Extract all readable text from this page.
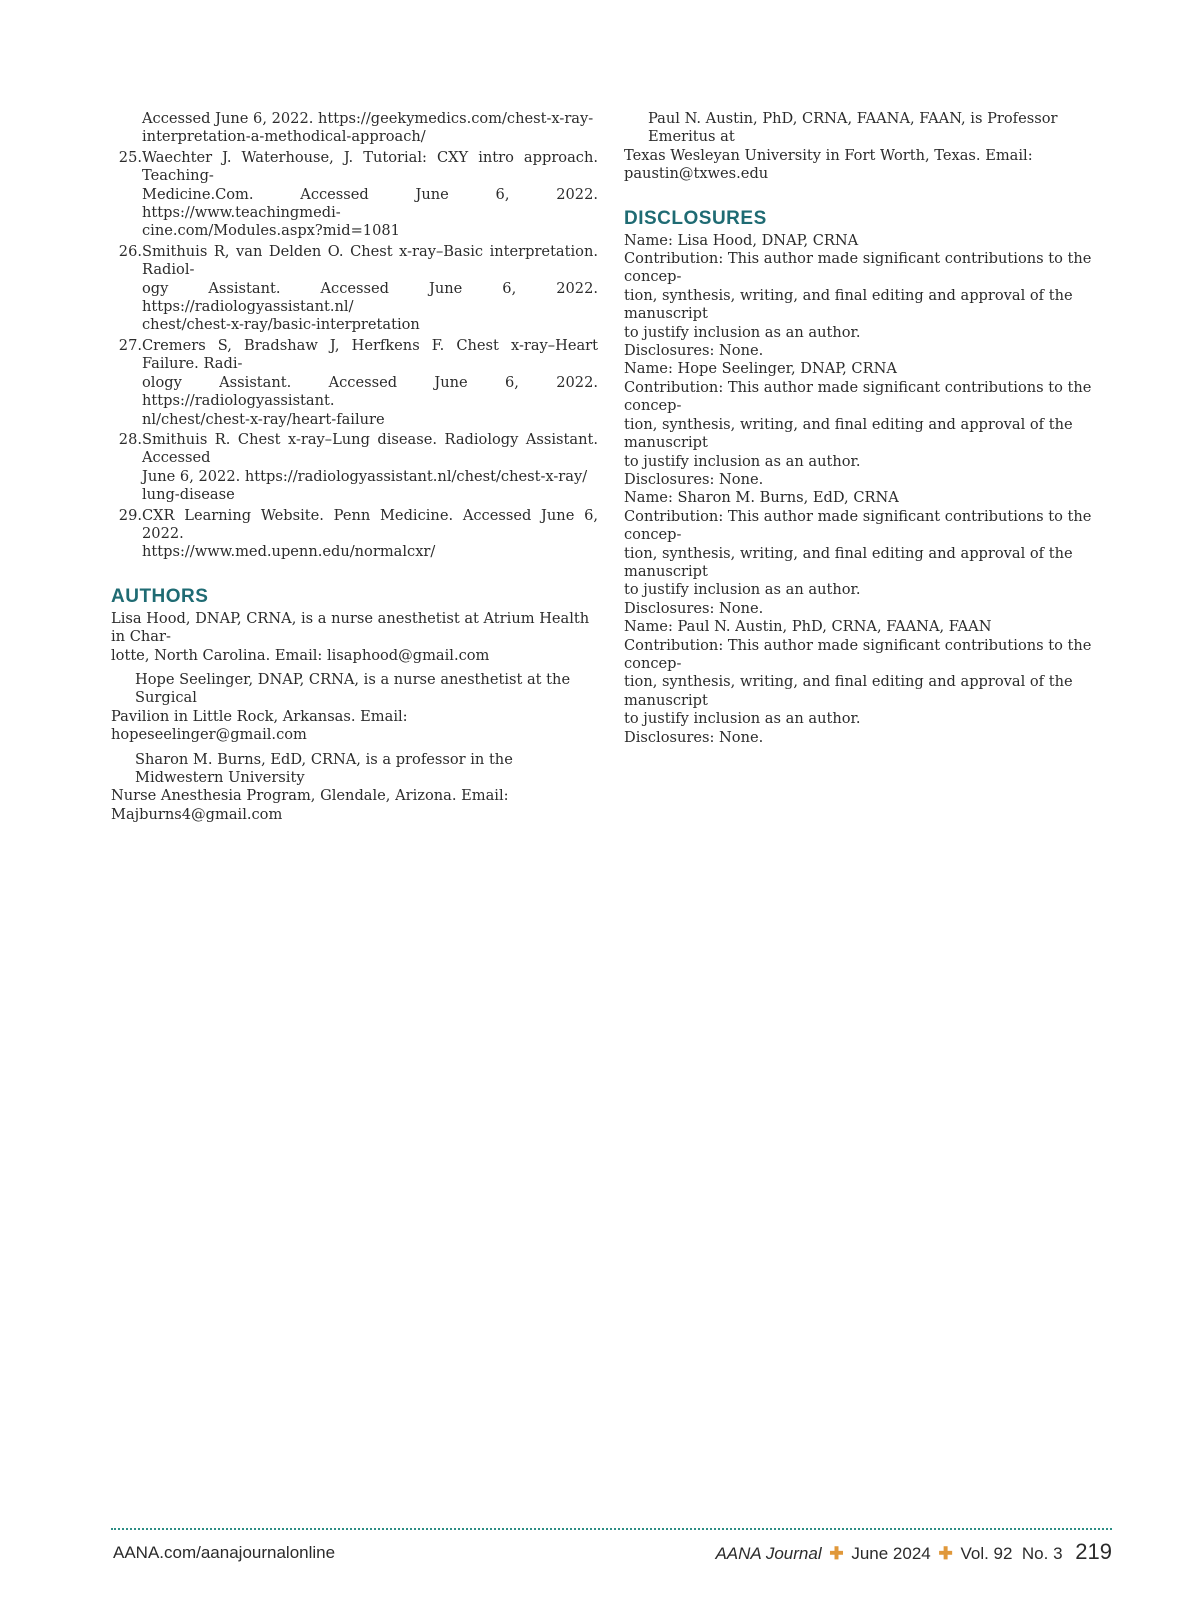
Accessed June 6, 2022. https://geekymedics.com/chest-x-ray-
interpretation-a-methodical-approach/
25. Waechter J. Waterhouse, J. Tutorial: CXY intro approach. Teaching-
Medicine.Com. Accessed June 6, 2022. https://www.teachingmedi-
cine.com/Modules.aspx?mid=1081
26. Smithuis R, van Delden O. Chest x-ray–Basic interpretation. Radiol-
ogy Assistant. Accessed June 6, 2022. https://radiologyassistant.nl/
chest/chest-x-ray/basic-interpretation
27. Cremers S, Bradshaw J, Herfkens F. Chest x-ray–Heart Failure. Radi-
ology Assistant. Accessed June 6, 2022. https://radiologyassistant.
nl/chest/chest-x-ray/heart-failure
28. Smithuis R. Chest x-ray–Lung disease. Radiology Assistant. Accessed
June 6, 2022. https://radiologyassistant.nl/chest/chest-x-ray/
lung-disease
29. CXR Learning Website. Penn Medicine. Accessed June 6, 2022.
https://www.med.upenn.edu/normalcxr/
AUTHORS
Lisa Hood, DNAP, CRNA, is a nurse anesthetist at Atrium Health in Char-
lotte, North Carolina. Email: lisaphood@gmail.com
Hope Seelinger, DNAP, CRNA, is a nurse anesthetist at the Surgical
Pavilion in Little Rock, Arkansas. Email: hopeseelinger@gmail.com
Sharon M. Burns, EdD, CRNA, is a professor in the Midwestern University
Nurse Anesthesia Program, Glendale, Arizona. Email: Majburns4@gmail.com
Paul N. Austin, PhD, CRNA, FAANA, FAAN, is Professor Emeritus at
Texas Wesleyan University in Fort Worth, Texas. Email: paustin@txwes.edu
DISCLOSURES
Name: Lisa Hood, DNAP, CRNA
Contribution: This author made significant contributions to the concep-
tion, synthesis, writing, and final editing and approval of the manuscript
to justify inclusion as an author.
Disclosures: None.
Name: Hope Seelinger, DNAP, CRNA
Contribution: This author made significant contributions to the concep-
tion, synthesis, writing, and final editing and approval of the manuscript
to justify inclusion as an author.
Disclosures: None.
Name: Sharon M. Burns, EdD, CRNA
Contribution: This author made significant contributions to the concep-
tion, synthesis, writing, and final editing and approval of the manuscript
to justify inclusion as an author.
Disclosures: None.
Name: Paul N. Austin, PhD, CRNA, FAANA, FAAN
Contribution: This author made significant contributions to the concep-
tion, synthesis, writing, and final editing and approval of the manuscript
to justify inclusion as an author.
Disclosures: None.
AANA.com/aanajournalonline	AANA Journal ✚ June 2024 ✚ Vol. 92  No. 3 219
